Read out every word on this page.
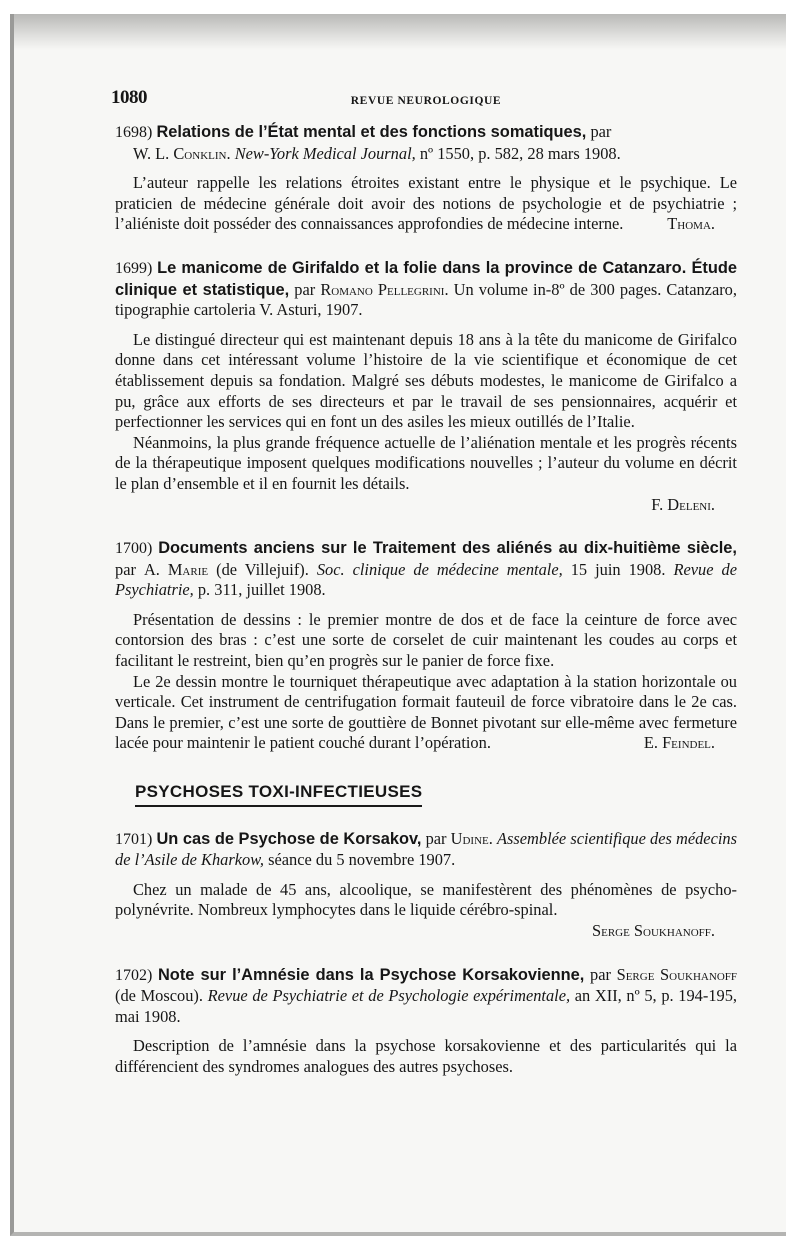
1080	REVUE NEUROLOGIQUE

1698) Relations de l’État mental et des fonctions somatiques, par
W. L. Conklin. New-York Medical Journal, nº 1550, p. 582, 28 mars 1908.

L’auteur rappelle les relations étroites existant entre le physique et le psychique. Le praticien de médecine générale doit avoir des notions de psychologie et de psychiatrie ; l’aliéniste doit posséder des connaissances approfondies de médecine interne.	Thoma.

1699) Le manicome de Girifaldo et la folie dans la province de Catanzaro. Étude clinique et statistique, par Romano Pellegrini. Un volume in-8º de 300 pages. Catanzaro, tipographie cartoleria V. Asturi, 1907.

Le distingué directeur qui est maintenant depuis 18 ans à la tête du manicome de Girifalco donne dans cet intéressant volume l’histoire de la vie scientifique et économique de cet établissement depuis sa fondation. Malgré ses débuts modestes, le manicome de Girifalco a pu, grâce aux efforts de ses directeurs et par le travail de ses pensionnaires, acquérir et perfectionner les services qui en font un des asiles les mieux outillés de l’Italie.

Néanmoins, la plus grande fréquence actuelle de l’aliénation mentale et les progrès récents de la thérapeutique imposent quelques modifications nouvelles ; l’auteur du volume en décrit le plan d’ensemble et il en fournit les détails.

F. Deleni.

1700) Documents anciens sur le Traitement des aliénés au dix-huitième siècle, par A. Marie (de Villejuif). Soc. clinique de médecine mentale, 15 juin 1908. Revue de Psychiatrie, p. 311, juillet 1908.

Présentation de dessins : le premier montre de dos et de face la ceinture de force avec contorsion des bras : c’est une sorte de corselet de cuir maintenant les coudes au corps et facilitant le restreint, bien qu’en progrès sur le panier de force fixe.

Le 2e dessin montre le tourniquet thérapeutique avec adaptation à la station horizontale ou verticale. Cet instrument de centrifugation formait fauteuil de force vibratoire dans le 2e cas. Dans le premier, c’est une sorte de gouttière de Bonnet pivotant sur elle-même avec fermeture lacée pour maintenir le patient couché durant l’opération.	E. Feindel.

PSYCHOSES TOXI-INFECTIEUSES

1701) Un cas de Psychose de Korsakov, par Udine. Assemblée scientifique des médecins de l’Asile de Kharkow, séance du 5 novembre 1907.

Chez un malade de 45 ans, alcoolique, se manifestèrent des phénomènes de psycho-polynévrite. Nombreux lymphocytes dans le liquide cérébro-spinal.

Serge Soukhanoff.

1702) Note sur l’Amnésie dans la Psychose Korsakovienne, par Serge Soukhanoff (de Moscou). Revue de Psychiatrie et de Psychologie expérimentale, an XII, nº 5, p. 194-195, mai 1908.

Description de l’amnésie dans la psychose korsakovienne et des particularités qui la différencient des syndromes analogues des autres psychoses.
